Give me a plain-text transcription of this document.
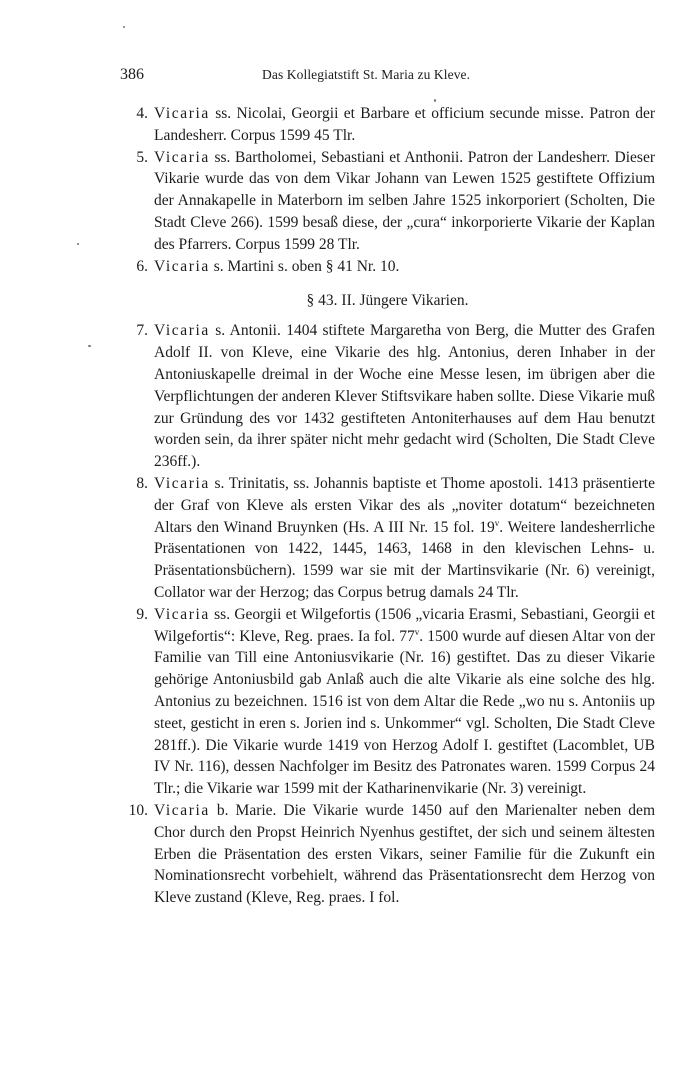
386	Das Kollegiatstift St. Maria zu Kleve.

4. Vicaria ss. Nicolai, Georgii et Barbare et officium secunde misse. Patron der Landesherr. Corpus 1599 45 Tlr.

5. Vicaria ss. Bartholomei, Sebastiani et Anthonii. Patron der Landesherr. Dieser Vikarie wurde das von dem Vikar Johann van Lewen 1525 gestiftete Offizium der Annakapelle in Materborn im selben Jahre 1525 inkorporiert (Scholten, Die Stadt Cleve 266). 1599 besaß diese, der „cura“ inkorporierte Vikarie der Kaplan des Pfarrers. Corpus 1599 28 Tlr.

6. Vicaria s. Martini s. oben § 41 Nr. 10.

§ 43. II. Jüngere Vikarien.

7. Vicaria s. Antonii. 1404 stiftete Margaretha von Berg, die Mutter des Grafen Adolf II. von Kleve, eine Vikarie des hlg. Antonius, deren Inhaber in der Antoniuskapelle dreimal in der Woche eine Messe lesen, im übrigen aber die Verpflichtungen der anderen Klever Stiftsvikare haben sollte. Diese Vikarie muß zur Gründung des vor 1432 gestifteten Antoniterhauses auf dem Hau benutzt worden sein, da ihrer später nicht mehr gedacht wird (Scholten, Die Stadt Cleve 236ff.).

8. Vicaria s. Trinitatis, ss. Johannis baptiste et Thome apostoli. 1413 präsentierte der Graf von Kleve als ersten Vikar des als „noviter dotatum“ bezeichneten Altars den Winand Bruynken (Hs. A III Nr. 15 fol. 19$^v$. Weitere landesherrliche Präsentationen von 1422, 1445, 1463, 1468 in den klevischen Lehns- u. Präsentationsbüchern). 1599 war sie mit der Martinsvikarie (Nr. 6) vereinigt, Collator war der Herzog; das Corpus betrug damals 24 Tlr.

9. Vicaria ss. Georgii et Wilgefortis (1506 „vicaria Erasmi, Sebastiani, Georgii et Wilgefortis“: Kleve, Reg. praes. Ia fol. 77$^v$. 1500 wurde auf diesen Altar von der Familie van Till eine Antoniusvikarie (Nr. 16) gestiftet. Das zu dieser Vikarie gehörige Antoniusbild gab Anlaß auch die alte Vikarie als eine solche des hlg. Antonius zu bezeichnen. 1516 ist von dem Altar die Rede „wo nu s. Antoniis up steet, gesticht in eren s. Jorien ind s. Unkommer“ vgl. Scholten, Die Stadt Cleve 281ff.). Die Vikarie wurde 1419 von Herzog Adolf I. gestiftet (Lacomblet, UB IV Nr. 116), dessen Nachfolger im Besitz des Patronates waren. 1599 Corpus 24 Tlr.; die Vikarie war 1599 mit der Katharinenvikarie (Nr. 3) vereinigt.

10. Vicaria b. Marie. Die Vikarie wurde 1450 auf den Marienalter neben dem Chor durch den Propst Heinrich Nyenhus gestiftet, der sich und seinem ältesten Erben die Präsentation des ersten Vikars, seiner Familie für die Zukunft ein Nominationsrecht vorbehielt, während das Präsentationsrecht dem Herzog von Kleve zustand (Kleve, Reg. praes. I fol.
